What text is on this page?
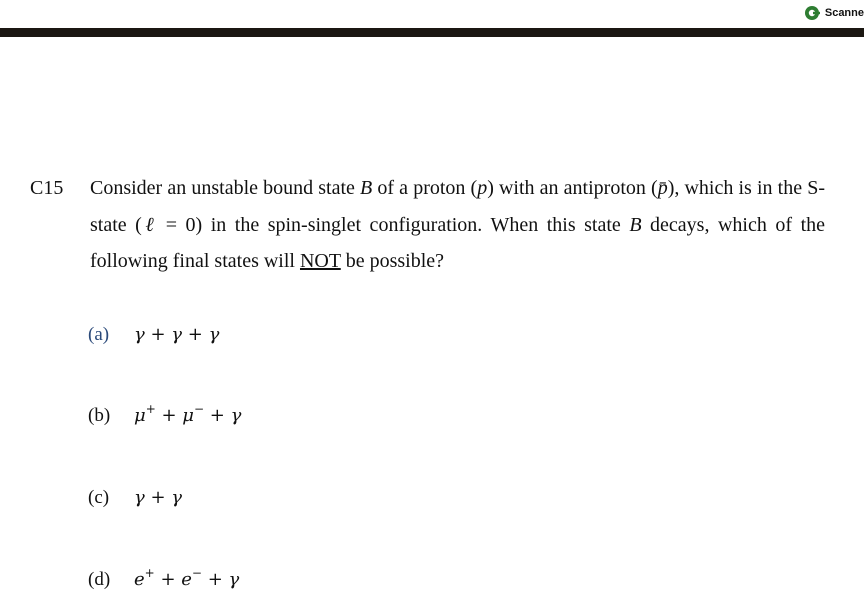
Scanne
C15 Consider an unstable bound state B of a proton (p) with an antiproton (p̄), which is in the S-state (ℓ = 0) in the spin-singlet configuration. When this state B decays, which of the following final states will NOT be possible?
(a) γ + γ + γ
(b) μ+ + μ− + γ
(c) γ + γ
(d) e+ + e− + γ
